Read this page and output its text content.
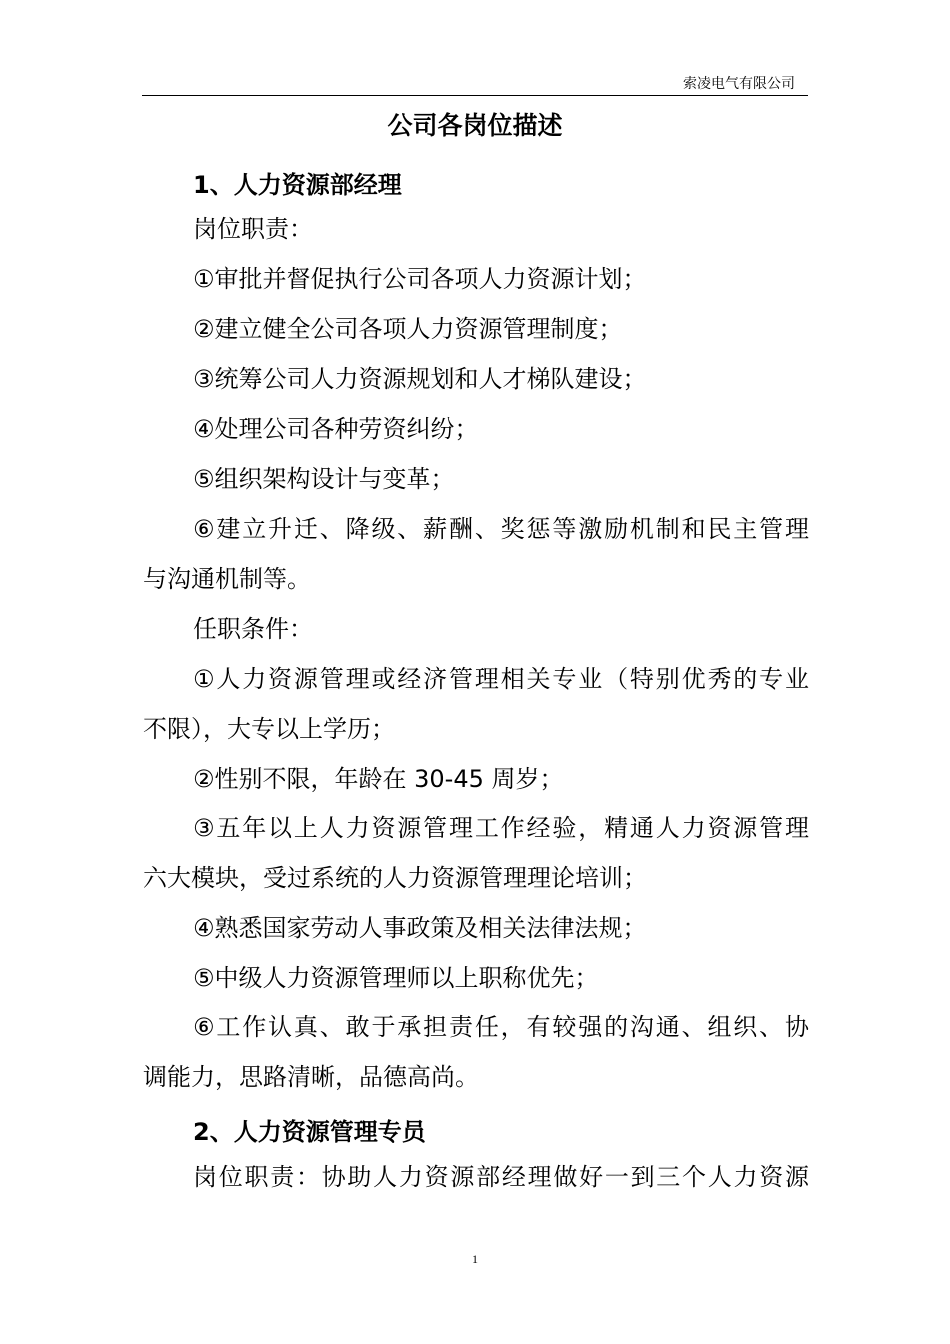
索凌电气有限公司
公司各岗位描述
1、人力资源部经理
岗位职责：
①审批并督促执行公司各项人力资源计划；
②建立健全公司各项人力资源管理制度；
③统筹公司人力资源规划和人才梯队建设；
④处理公司各种劳资纠纷；
⑤组织架构设计与变革；
⑥建立升迁、降级、薪酬、奖惩等激励机制和民主管理
与沟通机制等。
任职条件：
①人力资源管理或经济管理相关专业（特别优秀的专业
不限），大专以上学历；
②性别不限，年龄在 30-45 周岁；
③五年以上人力资源管理工作经验，精通人力资源管理
六大模块，受过系统的人力资源管理理论培训；
④熟悉国家劳动人事政策及相关法律法规；
⑤中级人力资源管理师以上职称优先；
⑥工作认真、敢于承担责任，有较强的沟通、组织、协
调能力，思路清晰，品德高尚。
2、人力资源管理专员
岗位职责：协助人力资源部经理做好一到三个人力资源
1
